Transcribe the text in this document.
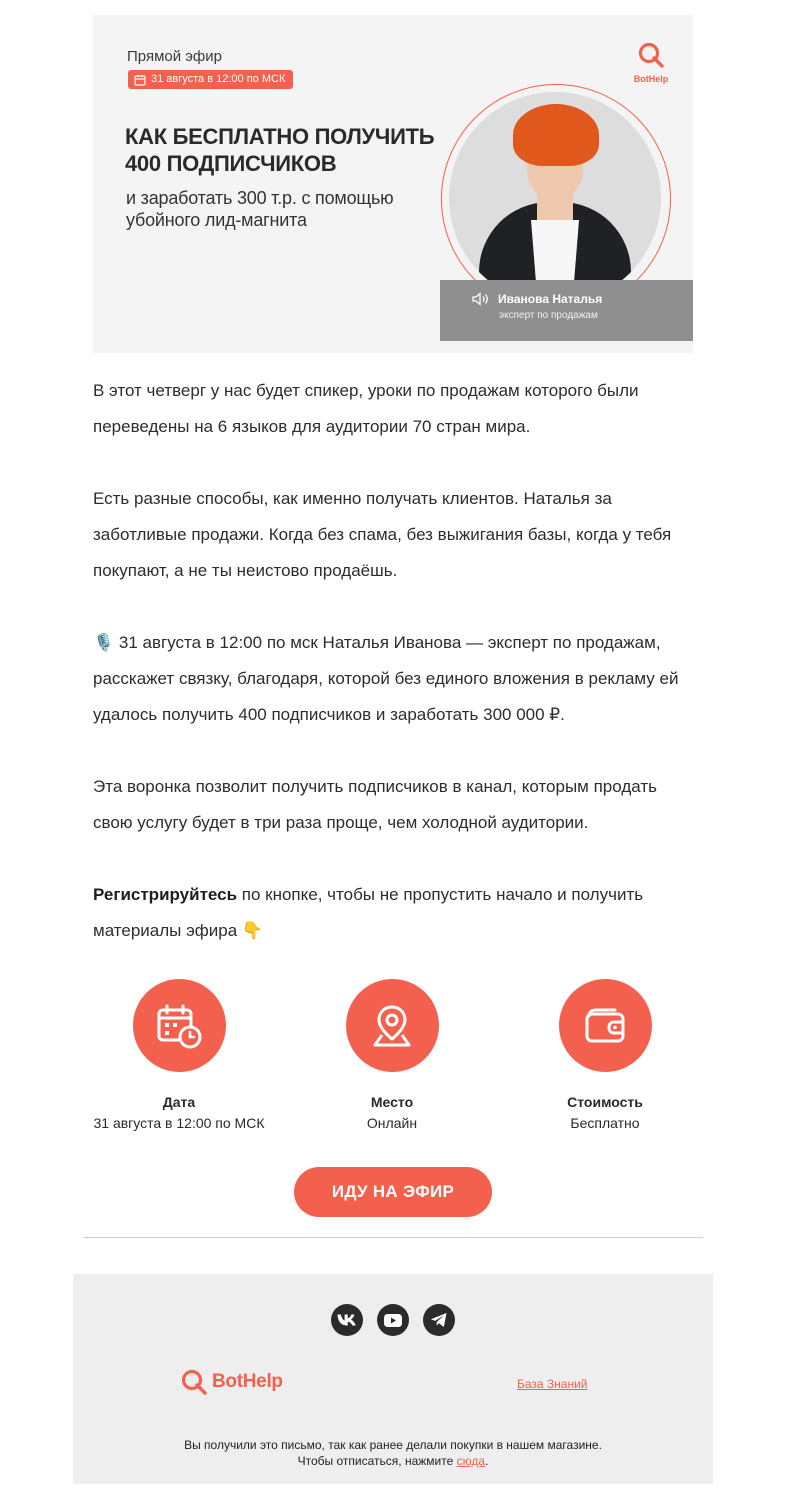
Прямой эфир
31 августа в 12:00 по МСК
КАК БЕСПЛАТНО ПОЛУЧИТЬ
400 ПОДПИСЧИКОВ
и заработать 300 т.р. с помощью
убойного лид-магнита
BotHelp
Иванова Наталья
эксперт по продажам

В этот четверг у нас будет спикер, уроки по продажам которого были переведены на 6 языков для аудитории 70 стран мира.

Есть разные способы, как именно получать клиентов. Наталья за заботливые продажи. Когда без спама, без выжигания базы, когда у тебя покупают, а не ты неистово продаёшь.

🎙️ 31 августа в 12:00 по мск Наталья Иванова — эксперт по продажам, расскажет связку, благодаря, которой без единого вложения в рекламу ей удалось получить 400 подписчиков и заработать 300 000 ₽.

Эта воронка позволит получить подписчиков в канал, которым продать свою услугу будет в три раза проще, чем холодной аудитории.

Регистрируйтесь по кнопке, чтобы не пропустить начало и получить материалы эфира 👇

Дата
31 августа в 12:00 по МСК
Место
Онлайн
Стоимость
Бесплатно
ИДУ НА ЭФИР
BotHelp	База Знаний
Вы получили это письмо, так как ранее делали покупки в нашем магазине.
Чтобы отписаться, нажмите сюда.
